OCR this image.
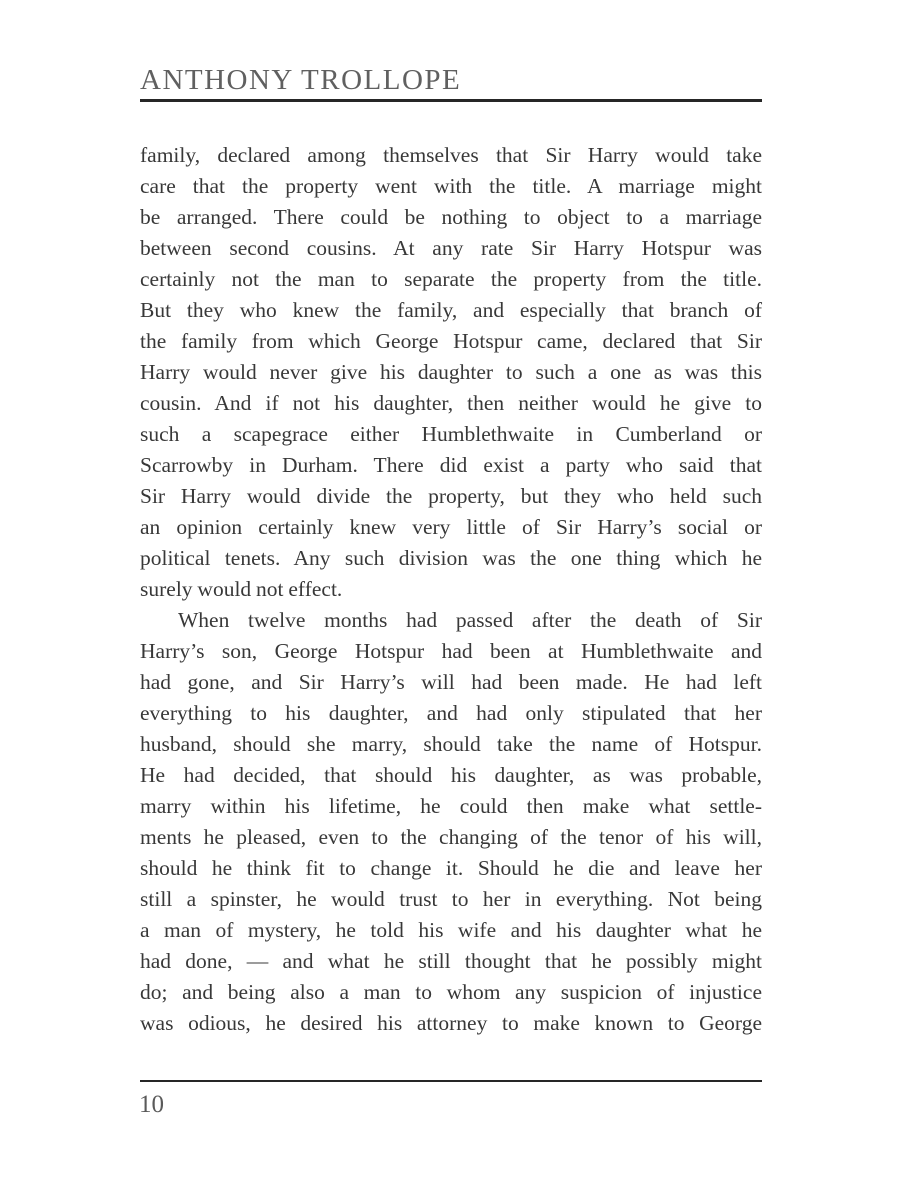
ANTHONY TROLLOPE
family, declared among themselves that Sir Harry would take
care that the property went with the title. A marriage might
be arranged. There could be nothing to object to a marriage
between second cousins. At any rate Sir Harry Hotspur was
certainly not the man to separate the property from the title.
But they who knew the family, and especially that branch of
the family from which George Hotspur came, declared that Sir
Harry would never give his daughter to such a one as was this
cousin. And if not his daughter, then neither would he give to
such a scapegrace either Humblethwaite in Cumberland or
Scarrowby in Durham. There did exist a party who said that
Sir Harry would divide the property, but they who held such
an opinion certainly knew very little of Sir Harry’s social or
political tenets. Any such division was the one thing which he
surely would not effect.
When twelve months had passed after the death of Sir
Harry’s son, George Hotspur had been at Humblethwaite and
had gone, and Sir Harry’s will had been made. He had left
everything to his daughter, and had only stipulated that her
husband, should she marry, should take the name of Hotspur.
He had decided, that should his daughter, as was probable,
marry within his lifetime, he could then make what settle-
ments he pleased, even to the changing of the tenor of his will,
should he think fit to change it. Should he die and leave her
still a spinster, he would trust to her in everything. Not being
a man of mystery, he told his wife and his daughter what he
had done, — and what he still thought that he possibly might
do; and being also a man to whom any suspicion of injustice
was odious, he desired his attorney to make known to George
10
